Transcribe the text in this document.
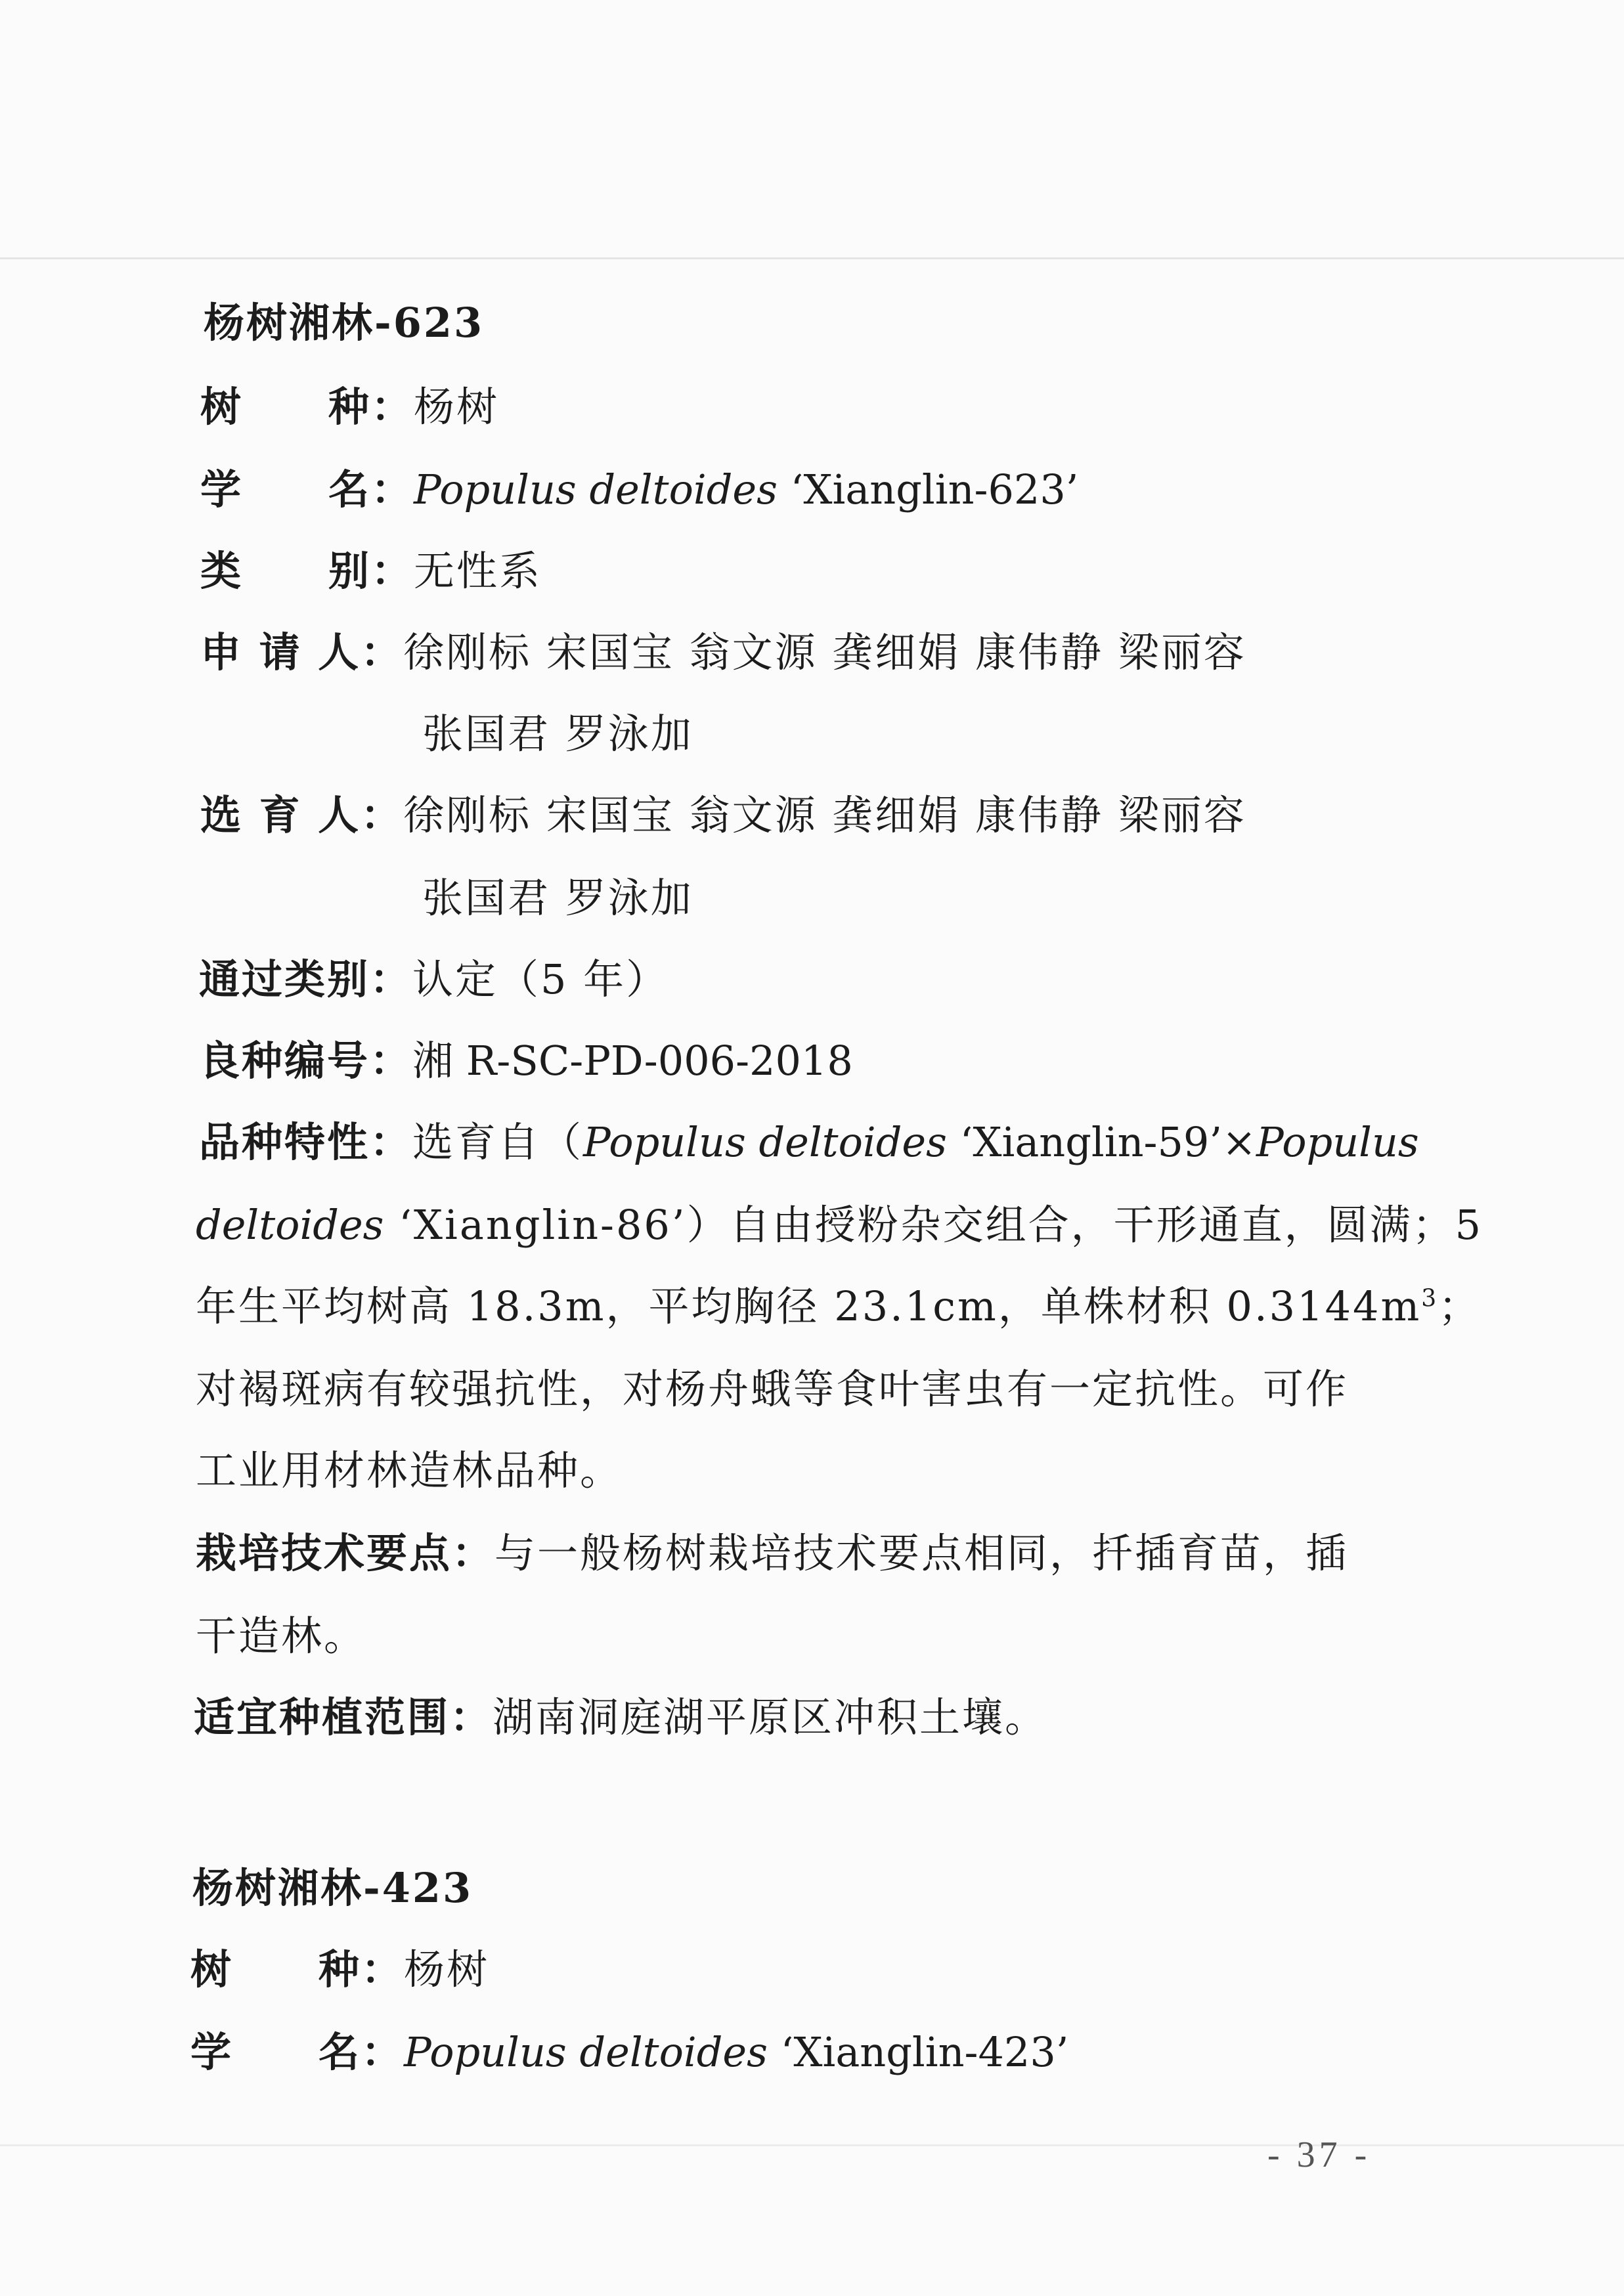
杨树湘林-623
树　　种：杨树
学　　名：Populus deltoides ‘Xianglin-623’
类　　别：无性系
申 请 人：徐刚标 宋国宝 翁文源 龚细娟 康伟静 梁丽容
张国君 罗泳加
选 育 人：徐刚标 宋国宝 翁文源 龚细娟 康伟静 梁丽容
张国君 罗泳加
通过类别：认定（5 年）
良种编号：湘 R-SC-PD-006-2018
品种特性：选育自（Populus deltoides ‘Xianglin-59’×Populus
deltoides ‘Xianglin-86’）自由授粉杂交组合，干形通直，圆满；5
年生平均树高 18.3m，平均胸径 23.1cm，单株材积 $0.3144m^3$；
对褐斑病有较强抗性，对杨舟蛾等食叶害虫有一定抗性。可作
工业用材林造林品种。
栽培技术要点：与一般杨树栽培技术要点相同，扦插育苗，插
干造林。
适宜种植范围：湖南洞庭湖平原区冲积土壤。
杨树湘林-423
树　　种：杨树
学　　名：Populus deltoides ‘Xianglin-423’
- 37 -
